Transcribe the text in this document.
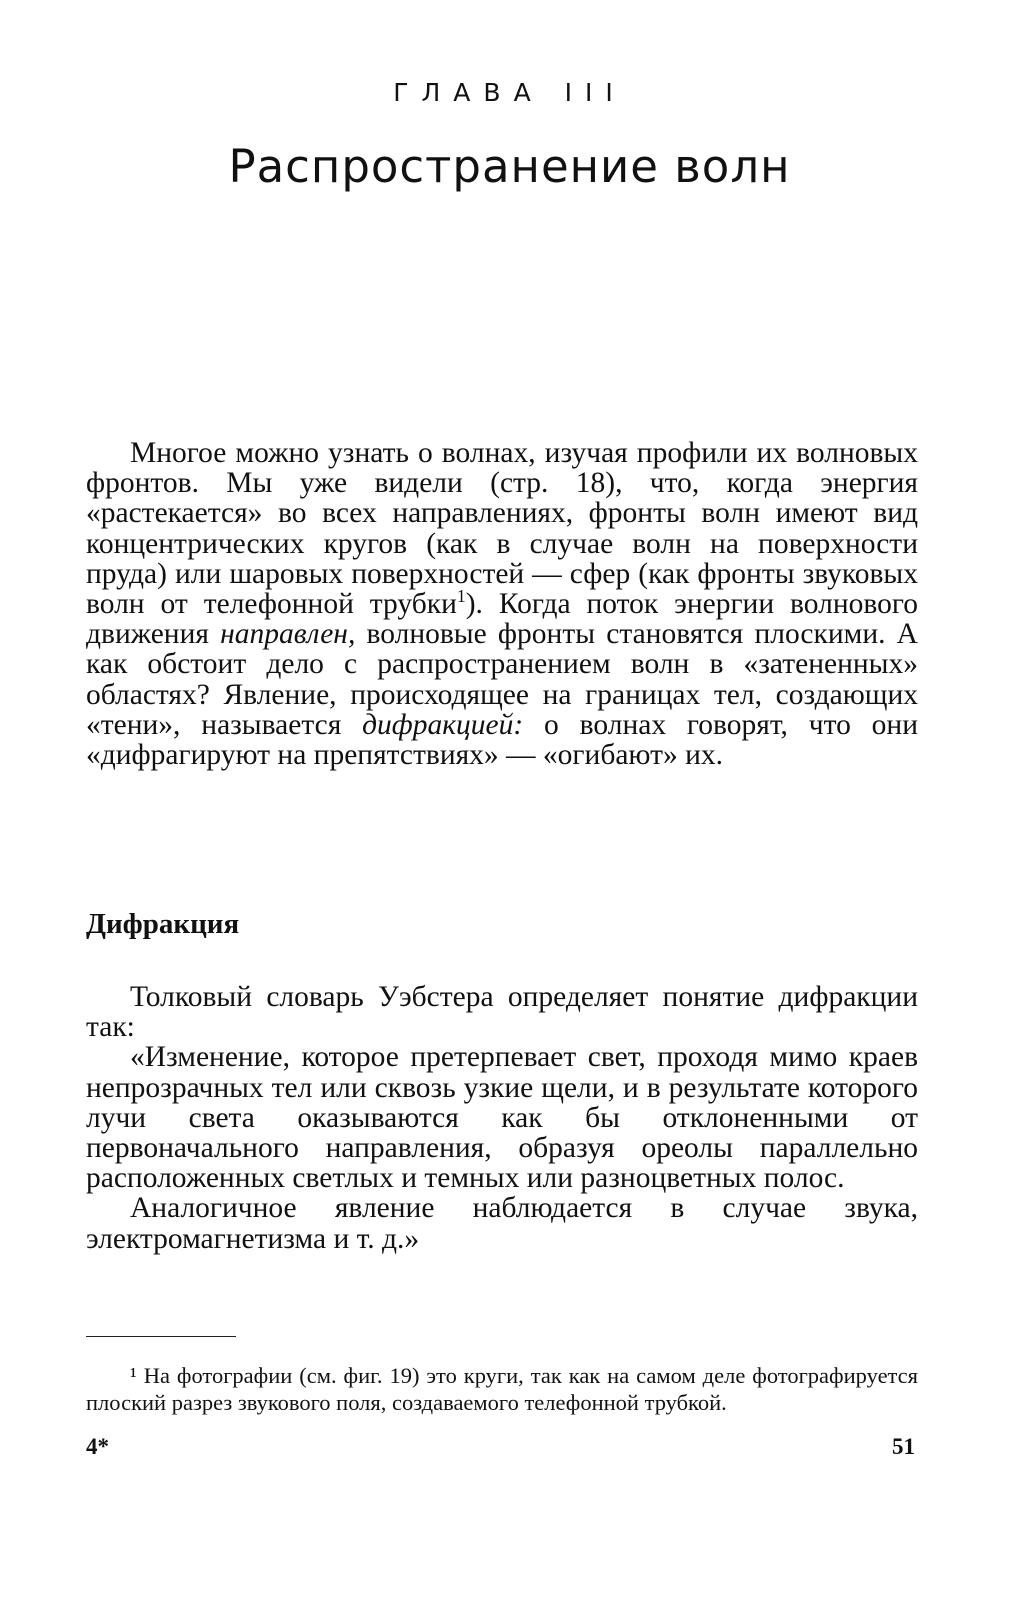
ГЛАВА III
Распространение волн

Многое можно узнать о волнах, изучая профили их волновых фронтов. Мы уже видели (стр. 18), что, когда энергия «растекается» во всех направлениях, фронты волн имеют вид концентрических кругов (как в случае волн на поверхности пруда) или шаровых поверхностей — сфер (как фронты звуковых волн от телефонной трубки$^1$). Когда поток энергии волнового движения направлен, волновые фронты становятся плоскими. А как обстоит дело с распространением волн в «затененных» областях? Явление, происходящее на границах тел, создающих «тени», называется дифракцией: о волнах говорят, что они «дифрагируют на препятствиях» — «огибают» их.

Дифракция

Толковый словарь Уэбстера определяет понятие дифракции так:

«Изменение, которое претерпевает свет, проходя мимо краев непрозрачных тел или сквозь узкие щели, и в результате которого лучи света оказываются как бы отклоненными от первоначального направления, образуя ореолы параллельно расположенных светлых и темных или разноцветных полос.

Аналогичное явление наблюдается в случае звука, электромагнетизма и т. д.»

¹ На фотографии (см. фиг. 19) это круги, так как на самом деле фотографируется плоский разрез звукового поля, создаваемого телефонной трубкой.

4*	51
